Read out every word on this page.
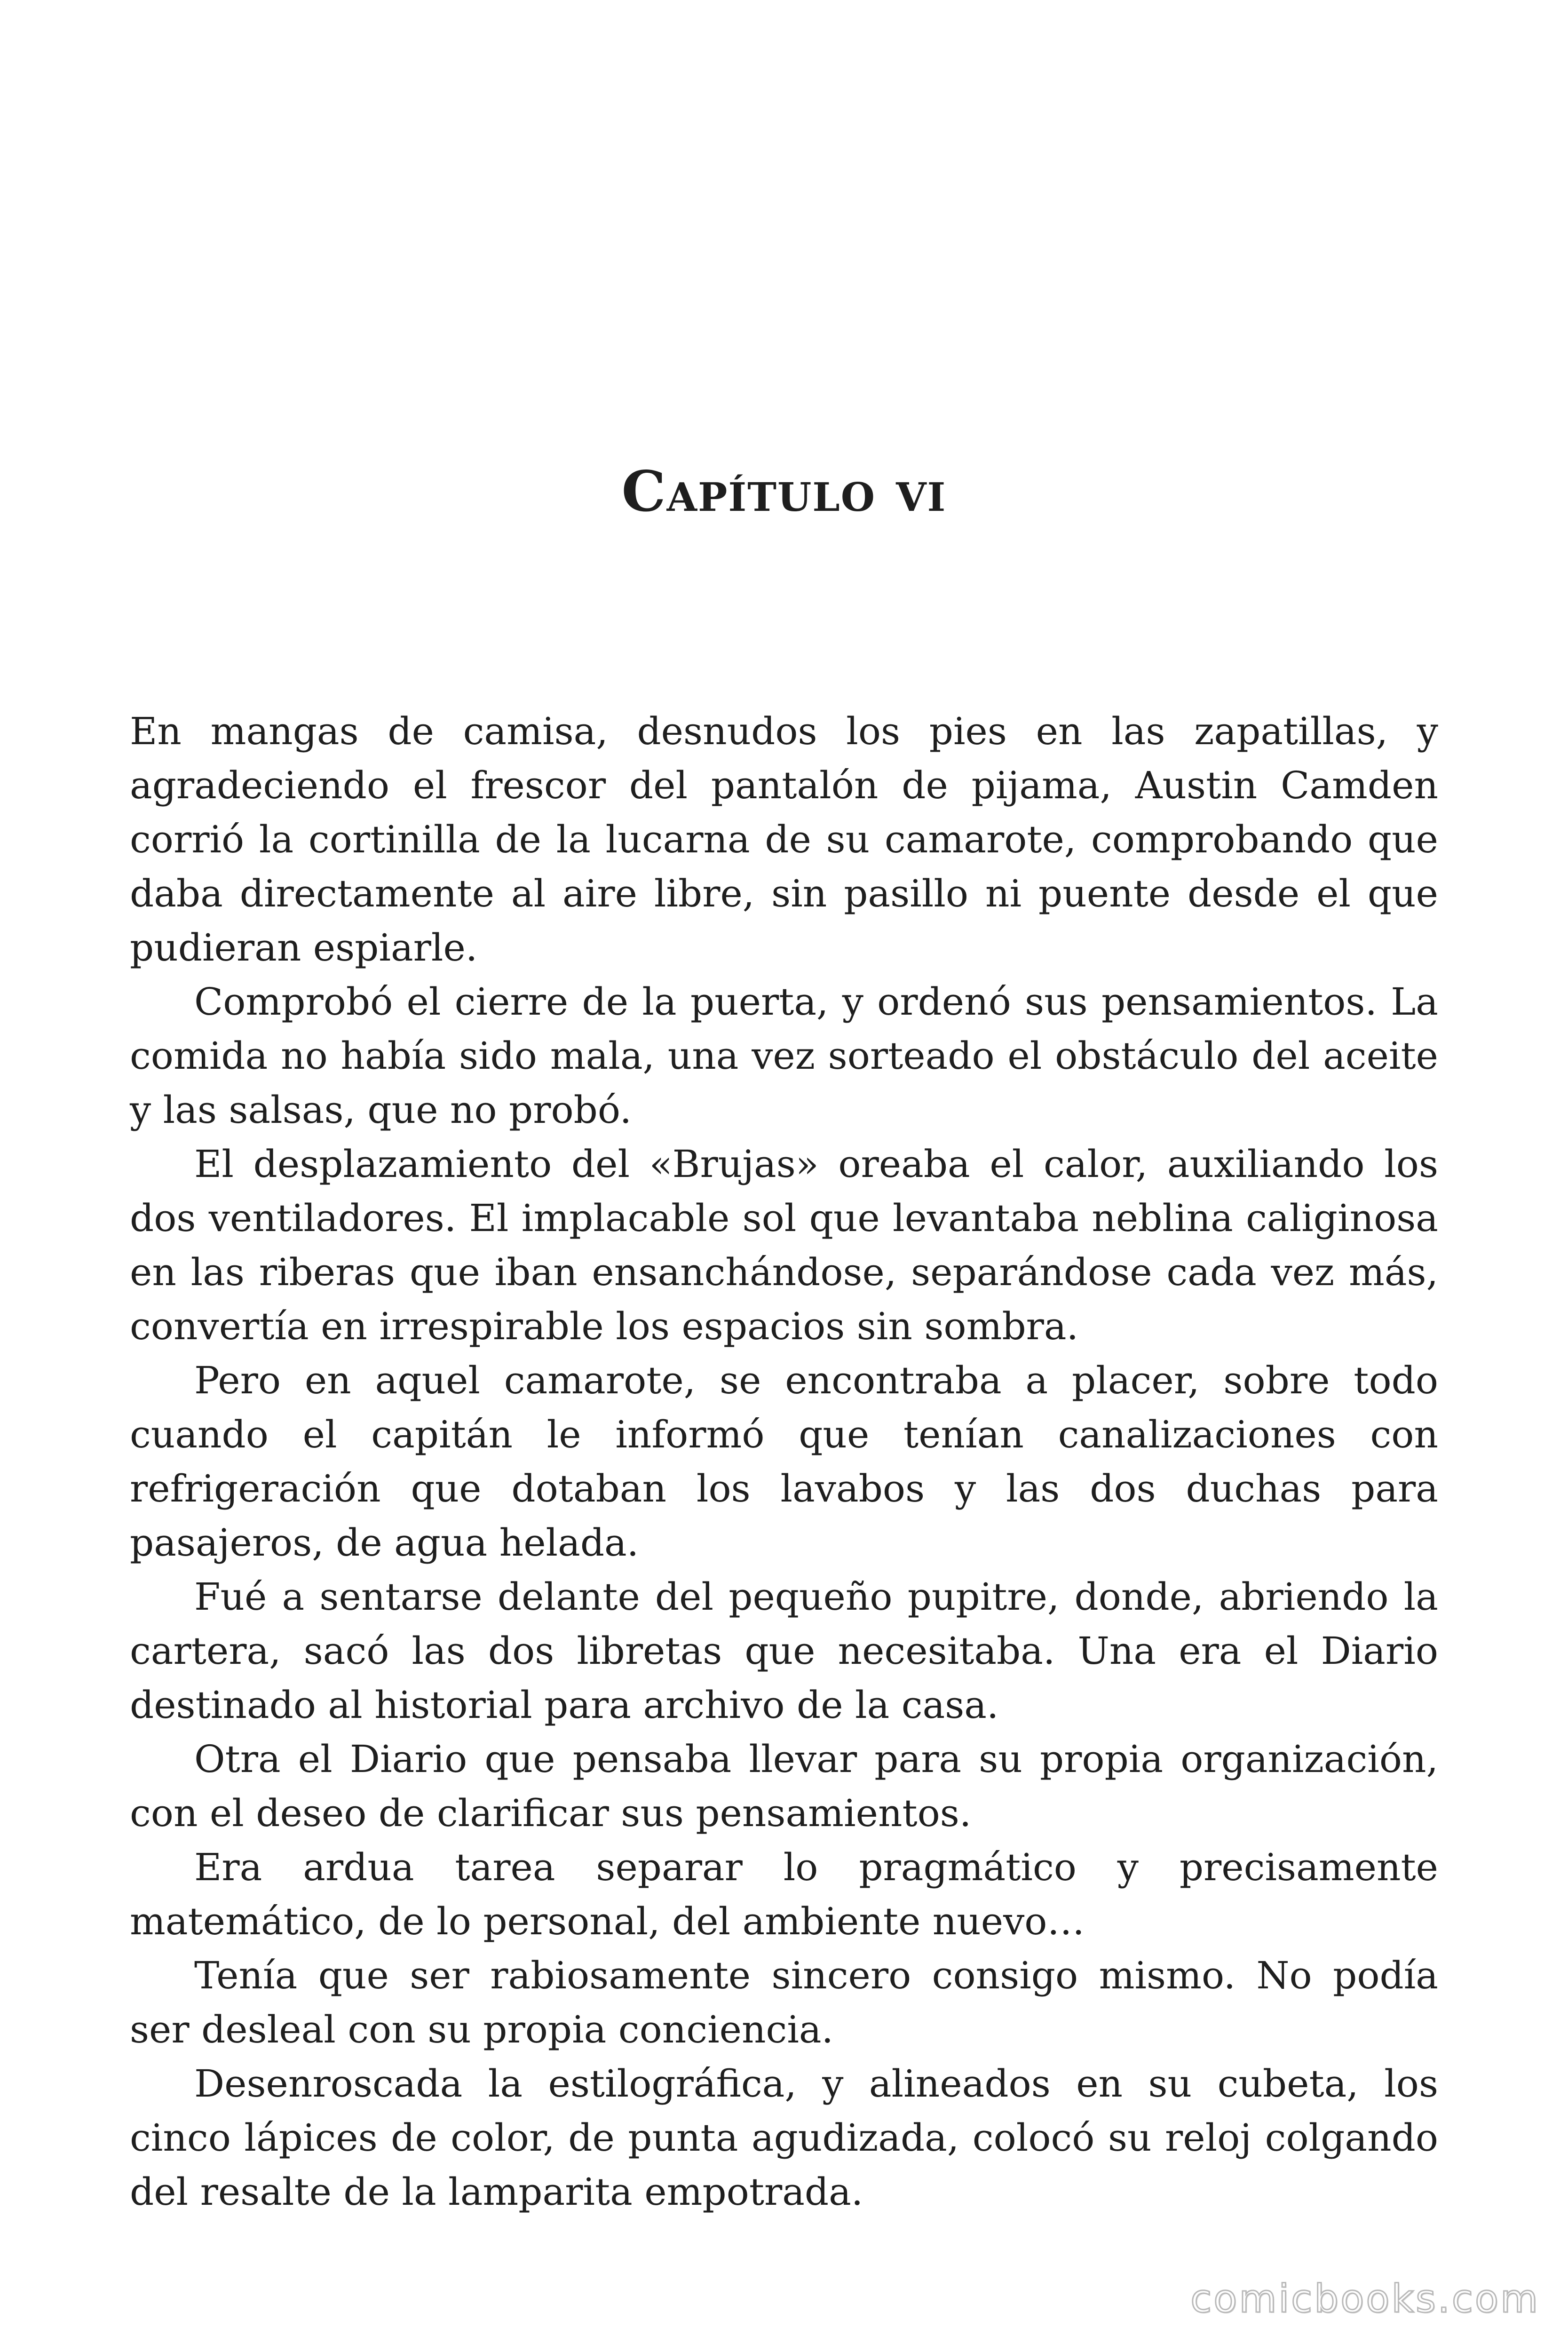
Capítulo vi

En mangas de camisa, desnudos los pies en las zapatillas, y agradeciendo el frescor del pantalón de pijama, Austin Camden corrió la cortinilla de la lucarna de su camarote, comprobando que daba directamente al aire libre, sin pasillo ni puente desde el que pudieran espiarle.

Comprobó el cierre de la puerta, y ordenó sus pensamientos. La comida no había sido mala, una vez sorteado el obstáculo del aceite y las salsas, que no probó.

El desplazamiento del «Brujas» oreaba el calor, auxiliando los dos ventiladores. El implacable sol que levantaba neblina caliginosa en las riberas que iban ensanchándose, separándose cada vez más, convertía en irrespirable los espacios sin sombra.

Pero en aquel camarote, se encontraba a placer, sobre todo cuando el capitán le informó que tenían canalizaciones con refrigeración que dotaban los lavabos y las dos duchas para pasajeros, de agua helada.

Fué a sentarse delante del pequeño pupitre, donde, abriendo la cartera, sacó las dos libretas que necesitaba. Una era el Diario destinado al historial para archivo de la casa.

Otra el Diario que pensaba llevar para su propia organización, con el deseo de clarificar sus pensamientos.

Era ardua tarea separar lo pragmático y precisamente matemático, de lo personal, del ambiente nuevo…

Tenía que ser rabiosamente sincero consigo mismo. No podía ser desleal con su propia conciencia.

Desenroscada la estilográfica, y alineados en su cubeta, los cinco lápices de color, de punta agudizada, colocó su reloj colgando del resalte de la lamparita empotrada.

comicbooks.com
